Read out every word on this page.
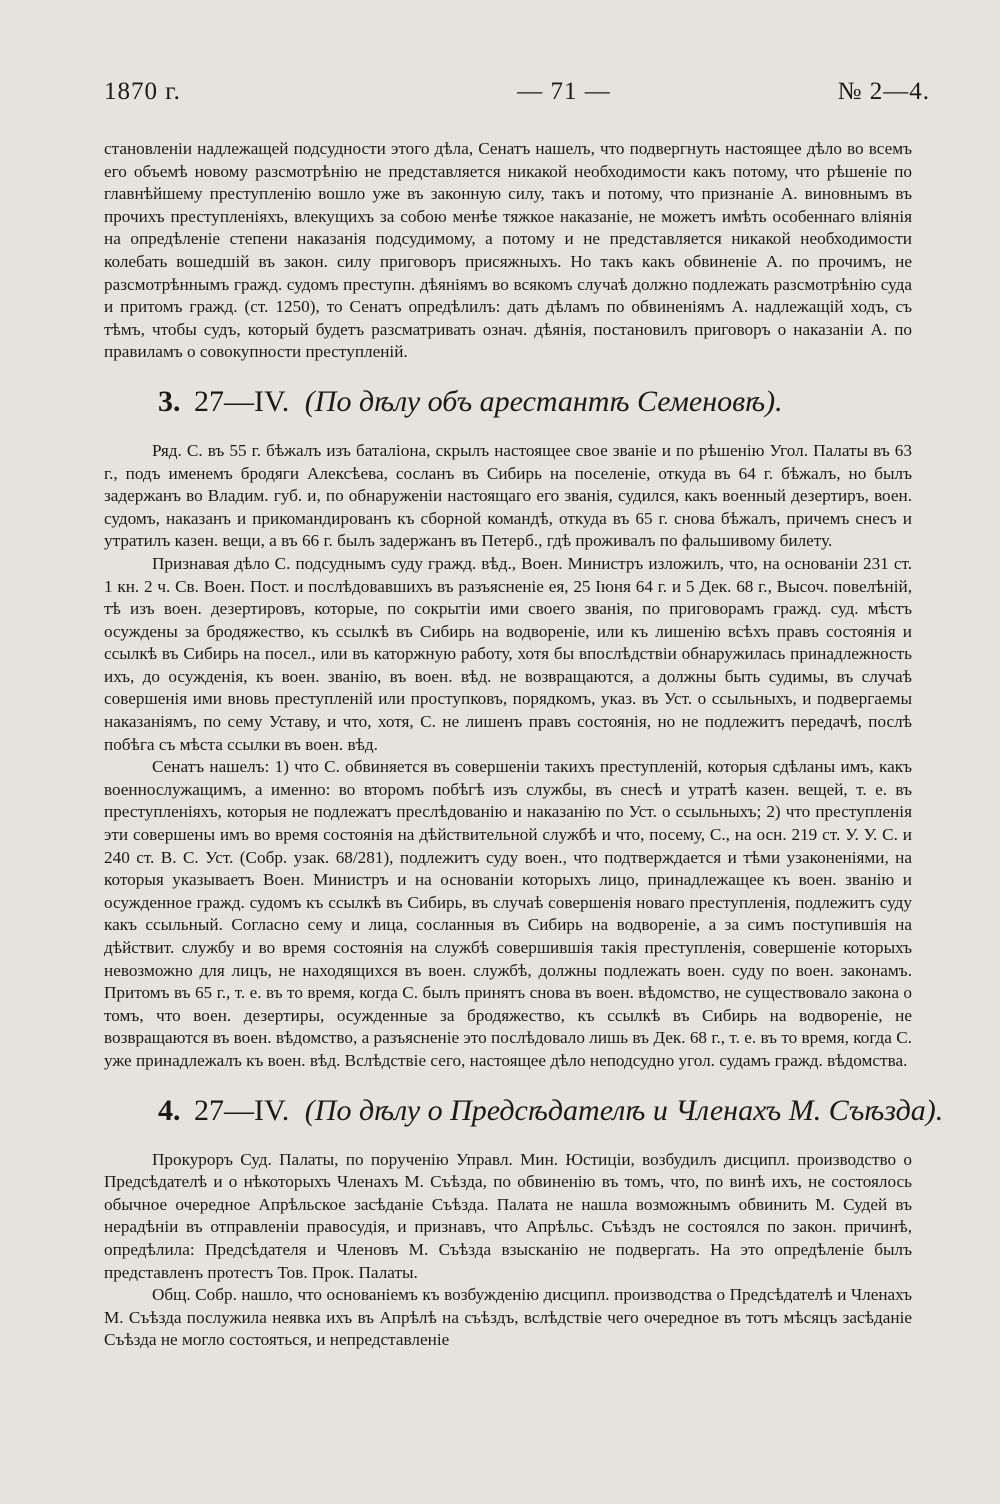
1870 г.	— 71 —	№ 2—4.

становленіи надлежащей подсудности этого дѣла, Сенатъ нашелъ, что подвергнуть настоящее дѣло во всемъ его объемѣ новому разсмотрѣнію не представляется никакой необходимости какъ потому, что рѣшеніе по главнѣйшему преступленію вошло уже въ законную силу, такъ и потому, что признаніе А. виновнымъ въ прочихъ преступленіяхъ, влекущихъ за собою менѣе тяжкое наказаніе, не можетъ имѣть особеннаго вліянія на опредѣленіе степени наказанія подсудимому, а потому и не представляется никакой необходимости колебать вошедшій въ закон. силу приговоръ присяжныхъ. Но такъ какъ обвиненіе А. по прочимъ, не разсмотрѣннымъ гражд. судомъ преступн. дѣяніямъ во всякомъ случаѣ должно подлежать разсмотрѣнію суда и притомъ гражд. (ст. 1250), то Сенатъ опредѣлилъ: дать дѣламъ по обвиненіямъ А. надлежащій ходъ, съ тѣмъ, чтобы судъ, который будетъ разсматривать означ. дѣянія, постановилъ приговоръ о наказаніи А. по правиламъ о совокупности преступленій.

3. 27—IV. (По дѣлу объ арестантѣ Семеновѣ).

Ряд. С. въ 55 г. бѣжалъ изъ баталіона, скрылъ настоящее свое званіе и по рѣшенію Угол. Палаты въ 63 г., подъ именемъ бродяги Алексѣева, сосланъ въ Сибирь на поселеніе, откуда въ 64 г. бѣжалъ, но былъ задержанъ во Владим. губ. и, по обнаруженіи настоящаго его званія, судился, какъ военный дезертиръ, воен. судомъ, наказанъ и прикомандированъ къ сборной командѣ, откуда въ 65 г. снова бѣжалъ, причемъ снесъ и утратилъ казен. вещи, а въ 66 г. былъ задержанъ въ Петерб., гдѣ проживалъ по фальшивому билету.

Признавая дѣло С. подсуднымъ суду гражд. вѣд., Воен. Министръ изложилъ, что, на основаніи 231 ст. 1 кн. 2 ч. Св. Воен. Пост. и послѣдовавшихъ въ разъясненіе ея, 25 Іюня 64 г. и 5 Дек. 68 г., Высоч. повелѣній, тѣ изъ воен. дезертировъ, которые, по сокрытіи ими своего званія, по приговорамъ гражд. суд. мѣстъ осуждены за бродяжество, къ ссылкѣ въ Сибирь на водвореніе, или къ лишенію всѣхъ правъ состоянія и ссылкѣ въ Сибирь на посел., или въ каторжную работу, хотя бы впослѣдствіи обнаружилась принадлежность ихъ, до осужденія, къ воен. званію, въ воен. вѣд. не возвращаются, а должны быть судимы, въ случаѣ совершенія ими вновь преступленій или проступковъ, порядкомъ, указ. въ Уст. о ссыльныхъ, и подвергаемы наказаніямъ, по сему Уставу, и что, хотя, С. не лишенъ правъ состоянія, но не подлежитъ передачѣ, послѣ побѣга съ мѣста ссылки въ воен. вѣд.

Сенатъ нашелъ: 1) что С. обвиняется въ совершеніи такихъ преступленій, которыя сдѣланы имъ, какъ военнослужащимъ, а именно: во второмъ побѣгѣ изъ службы, въ снесѣ и утратѣ казен. вещей, т. е. въ преступленіяхъ, которыя не подлежатъ преслѣдованію и наказанію по Уст. о ссыльныхъ; 2) что преступленія эти совершены имъ во время состоянія на дѣйствительной службѣ и что, посему, С., на осн. 219 ст. У. У. С. и 240 ст. В. С. Уст. (Собр. узак. 68/281), подлежитъ суду воен., что подтверждается и тѣми узаконеніями, на которыя указываетъ Воен. Министръ и на основаніи которыхъ лицо, принадлежащее къ воен. званію и осужденное гражд. судомъ къ ссылкѣ въ Сибирь, въ случаѣ совершенія новаго преступленія, подлежитъ суду какъ ссыльный. Согласно сему и лица, сосланныя въ Сибирь на водвореніе, а за симъ поступившія на дѣйствит. службу и во время состоянія на службѣ совершившія такія преступленія, совершеніе которыхъ невозможно для лицъ, не находящихся въ воен. службѣ, должны подлежать воен. суду по воен. законамъ. Притомъ въ 65 г., т. е. въ то время, когда С. былъ принятъ снова въ воен. вѣдомство, не существовало закона о томъ, что воен. дезертиры, осужденные за бродяжество, къ ссылкѣ въ Сибирь на водвореніе, не возвращаются въ воен. вѣдомство, а разъясненіе это послѣдовало лишь въ Дек. 68 г., т. е. въ то время, когда С. уже принадлежалъ къ воен. вѣд. Вслѣдствіе сего, настоящее дѣло неподсудно угол. судамъ гражд. вѣдомства.

4. 27—IV. (По дѣлу о Предсѣдателѣ и Членахъ М. Съѣзда).

Прокуроръ Суд. Палаты, по порученію Управл. Мин. Юстиціи, возбудилъ дисципл. производство о Предсѣдателѣ и о нѣкоторыхъ Членахъ М. Съѣзда, по обвиненію въ томъ, что, по винѣ ихъ, не состоялось обычное очередное Апрѣльское засѣданіе Съѣзда. Палата не нашла возможнымъ обвинить М. Судей въ нерадѣніи въ отправленіи правосудія, и признавъ, что Апрѣльс. Съѣздъ не состоялся по закон. причинѣ, опредѣлила: Предсѣдателя и Членовъ М. Съѣзда взысканію не подвергать. На это опредѣленіе былъ представленъ протестъ Тов. Прок. Палаты.

Общ. Собр. нашло, что основаніемъ къ возбужденію дисципл. производства о Предсѣдателѣ и Членахъ М. Съѣзда послужила неявка ихъ въ Апрѣлѣ на съѣздъ, вслѣдствіе чего очередное въ тотъ мѣсяцъ засѣданіе Съѣзда не могло состояться, и непредставленіе
